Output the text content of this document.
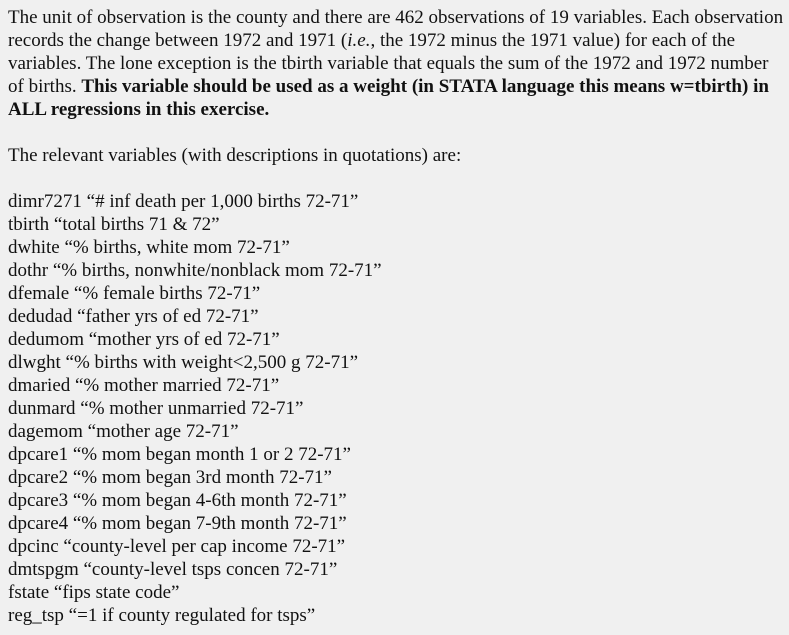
The unit of observation is the county and there are 462 observations of 19 variables. Each observation records the change between 1972 and 1971 (i.e., the 1972 minus the 1971 value) for each of the variables. The lone exception is the tbirth variable that equals the sum of the 1972 and 1972 number of births. This variable should be used as a weight (in STATA language this means w=tbirth) in ALL regressions in this exercise.

The relevant variables (with descriptions in quotations) are:

dimr7271 “# inf death per 1,000 births 72-71”
tbirth “total births 71 & 72”
dwhite “% births, white mom 72-71”
dothr “% births, nonwhite/nonblack mom 72-71”
dfemale “% female births 72-71”
dedudad “father yrs of ed 72-71”
dedumom “mother yrs of ed 72-71”
dlwght “% births with weight<2,500 g 72-71”
dmaried “% mother married 72-71”
dunmard “% mother unmarried 72-71”
dagemom “mother age 72-71”
dpcare1 “% mom began month 1 or 2 72-71”
dpcare2 “% mom began 3rd month 72-71”
dpcare3 “% mom began 4-6th month 72-71”
dpcare4 “% mom began 7-9th month 72-71”
dpcinc “county-level per cap income 72-71”
dmtspgm “county-level tsps concen 72-71”
fstate “fips state code”
reg_tsp “=1 if county regulated for tsps”
